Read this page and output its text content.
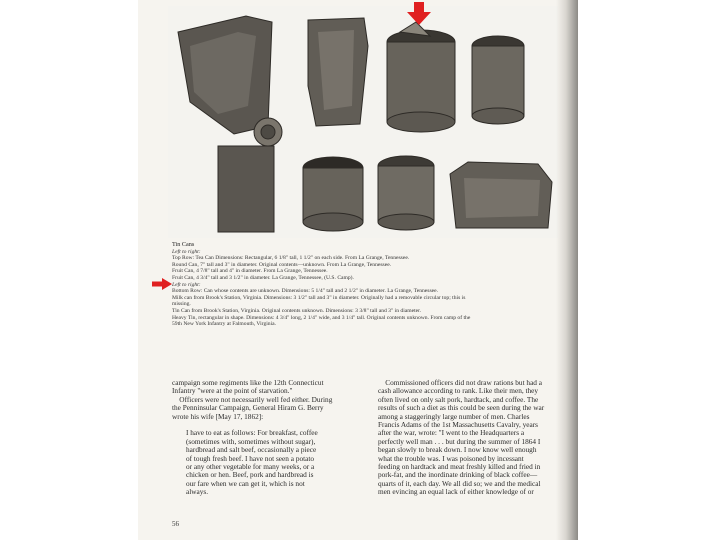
Tin Cans

Left to right:

Top Row: Tea Can Dimensions: Rectangular, 6 1/8" tall, 1 1/2" on each side. From La Grange, Tennessee.

Round Can, 7" tall and 3" in diameter. Original contents—unknown. From La Grange, Tennessee.

Fruit Can, 4 7/8" tall and 4" in diameter. From La Grange, Tennessee.

Fruit Can, 4 3/4" tall and 3 1/2" in diameter. La Grange, Tennessee, (U.S. Camp).

Left to right:

Bottom Row: Can whose contents are unknown. Dimensions: 5 1/4" tall and 2 1/2" in diameter. La Grange, Tennessee.

Milk can from Brook's Station, Virginia. Dimensions: 3 1/2" tall and 3" in diameter. Originally had a removable circular top; this is

missing.

Tin Can from Brook's Station, Virginia. Original contents unknown. Dimensions: 3 3/8" tall and 3" in diameter.

Heavy Tin, rectangular in shape. Dimensions: 4 3/4" long, 2 1/4" wide, and 3 1/4" tall. Original contents unknown. From camp of the

59th New York Infantry at Falmouth, Virginia.

campaign some regiments like the 12th Connecticut

Infantry "were at the point of starvation."

Officers were not necessarily well fed either. During

the Penninsular Campaign, General Hiram G. Berry

wrote his wife [May 17, 1862]:

I have to eat as follows: For breakfast, coffee

(sometimes with, sometimes without sugar),

hardbread and salt beef, occasionally a piece

of tough fresh beef. I have not seen a potato

or any other vegetable for many weeks, or a

chicken or hen. Beef, pork and hardbread is

our fare when we can get it, which is not

always.

Commissioned officers did not draw rations but had a

cash allowance according to rank. Like their men, they

often lived on only salt pork, hardtack, and coffee. The

results of such a diet as this could be seen during the war

among a staggeringly large number of men. Charles

Francis Adams of the 1st Massachusetts Cavalry, years

after the war, wrote: "I went to the Headquarters a

perfectly well man . . . but during the summer of 1864 I

began slowly to break down. I now know well enough

what the trouble was. I was poisoned by incessant

feeding on hardtack and meat freshly killed and fried in

pork-fat, and the inordinate drinking of black coffee—

quarts of it, each day. We all did so; we and the medical

men evincing an equal lack of either knowledge of or

56
